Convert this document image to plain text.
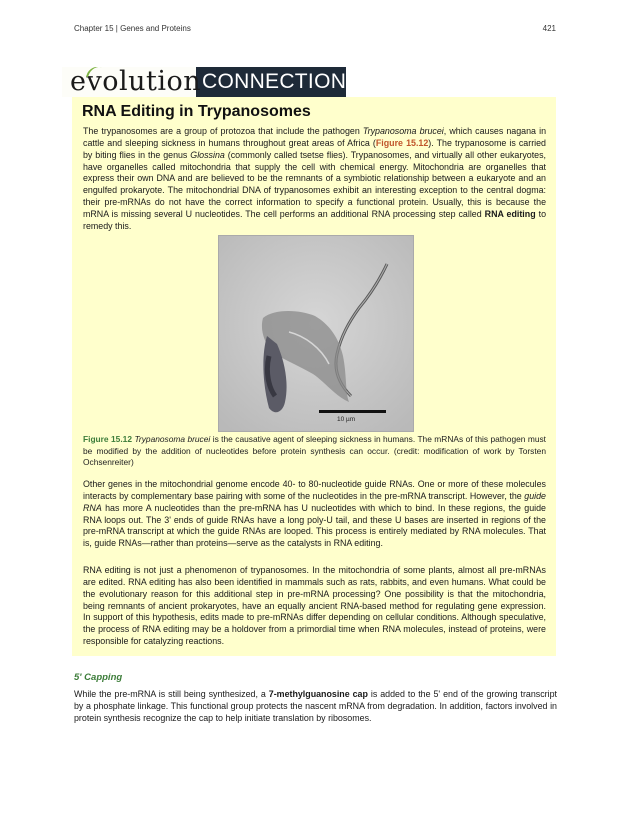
Chapter 15 | Genes and Proteins	421
evolution CONNECTION
RNA Editing in Trypanosomes

The trypanosomes are a group of protozoa that include the pathogen Trypanosoma brucei, which causes nagana in cattle and sleeping sickness in humans throughout great areas of Africa (Figure 15.12). The trypanosome is carried by biting flies in the genus Glossina (commonly called tsetse flies). Trypanosomes, and virtually all other eukaryotes, have organelles called mitochondria that supply the cell with chemical energy. Mitochondria are organelles that express their own DNA and are believed to be the remnants of a symbiotic relationship between a eukaryote and an engulfed prokaryote. The mitochondrial DNA of trypanosomes exhibit an interesting exception to the central dogma: their pre-mRNAs do not have the correct information to specify a functional protein. Usually, this is because the mRNA is missing several U nucleotides. The cell performs an additional RNA processing step called RNA editing to remedy this.

10 µm
Figure 15.12 Trypanosoma brucei is the causative agent of sleeping sickness in humans. The mRNAs of this pathogen must be modified by the addition of nucleotides before protein synthesis can occur. (credit: modification of work by Torsten Ochsenreiter)

Other genes in the mitochondrial genome encode 40- to 80-nucleotide guide RNAs. One or more of these molecules interacts by complementary base pairing with some of the nucleotides in the pre-mRNA transcript. However, the guide RNA has more A nucleotides than the pre-mRNA has U nucleotides with which to bind. In these regions, the guide RNA loops out. The 3' ends of guide RNAs have a long poly-U tail, and these U bases are inserted in regions of the pre-mRNA transcript at which the guide RNAs are looped. This process is entirely mediated by RNA molecules. That is, guide RNAs—rather than proteins—serve as the catalysts in RNA editing.

RNA editing is not just a phenomenon of trypanosomes. In the mitochondria of some plants, almost all pre-mRNAs are edited. RNA editing has also been identified in mammals such as rats, rabbits, and even humans. What could be the evolutionary reason for this additional step in pre-mRNA processing? One possibility is that the mitochondria, being remnants of ancient prokaryotes, have an equally ancient RNA-based method for regulating gene expression. In support of this hypothesis, edits made to pre-mRNAs differ depending on cellular conditions. Although speculative, the process of RNA editing may be a holdover from a primordial time when RNA molecules, instead of proteins, were responsible for catalyzing reactions.

5' Capping

While the pre-mRNA is still being synthesized, a 7-methylguanosine cap is added to the 5' end of the growing transcript by a phosphate linkage. This functional group protects the nascent mRNA from degradation. In addition, factors involved in protein synthesis recognize the cap to help initiate translation by ribosomes.
